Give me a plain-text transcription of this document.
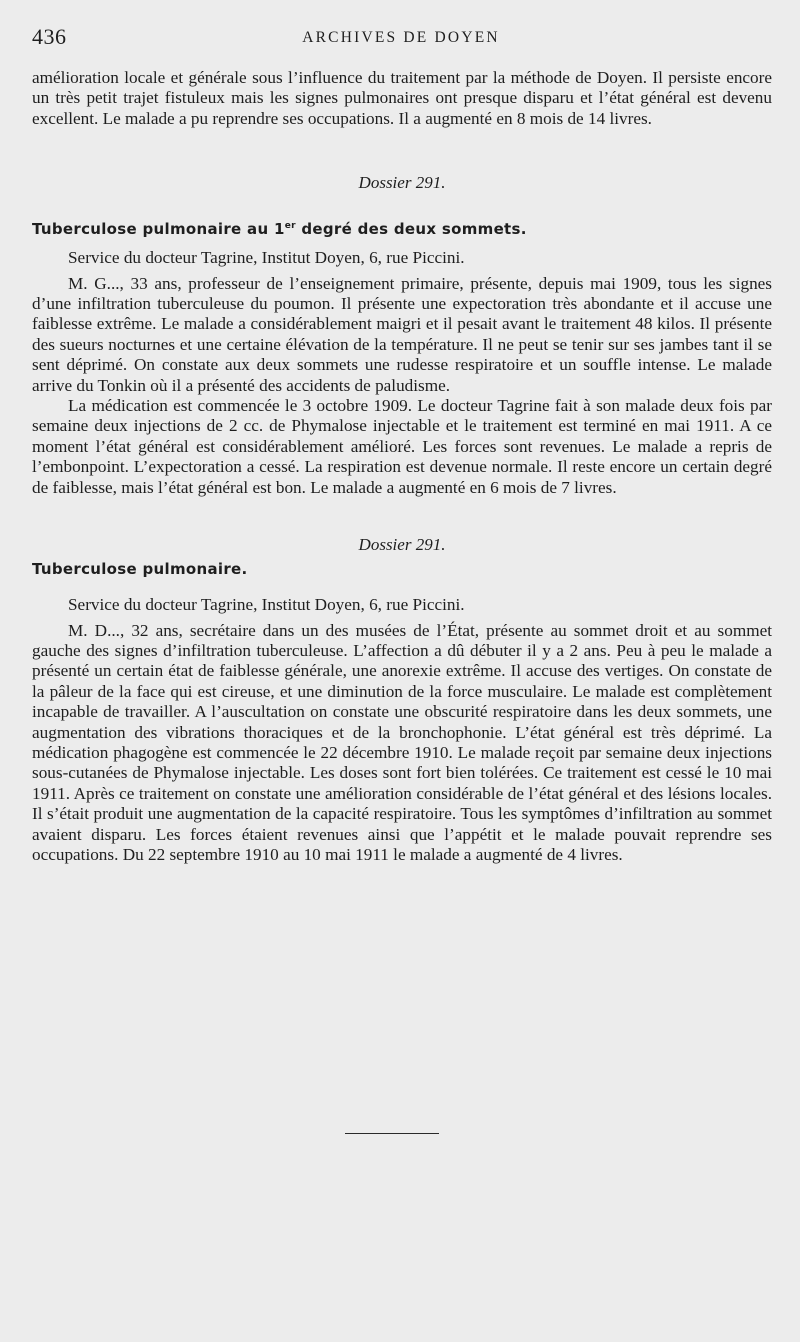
436	ARCHIVES DE DOYEN

amélioration locale et générale sous l’influence du traitement par la méthode de Doyen. Il persiste encore un très petit trajet fistuleux mais les signes pulmonaires ont presque disparu et l’état général est devenu excellent. Le malade a pu reprendre ses occupations. Il a augmenté en 8 mois de 14 livres.

Dossier 291.
Tuberculose pulmonaire au 1er degré des deux sommets.

Service du docteur Tagrine, Institut Doyen, 6, rue Piccini.

M. G..., 33 ans, professeur de l’enseignement primaire, présente, depuis mai 1909, tous les signes d’une infiltration tuberculeuse du poumon. Il présente une expectoration très abondante et il accuse une faiblesse extrême. Le malade a considérablement maigri et il pesait avant le traitement 48 kilos. Il présente des sueurs nocturnes et une certaine élévation de la température. Il ne peut se tenir sur ses jambes tant il se sent déprimé. On constate aux deux sommets une rudesse respiratoire et un souffle intense. Le malade arrive du Tonkin où il a présenté des accidents de paludisme.

La médication est commencée le 3 octobre 1909. Le docteur Tagrine fait à son malade deux fois par semaine deux injections de 2 cc. de Phymalose injectable et le traitement est terminé en mai 1911. A ce moment l’état général est considérablement amélioré. Les forces sont revenues. Le malade a repris de l’embonpoint. L’expectoration a cessé. La respiration est devenue normale. Il reste encore un certain degré de faiblesse, mais l’état général est bon. Le malade a augmenté en 6 mois de 7 livres.

Dossier 291.
Tuberculose pulmonaire.

Service du docteur Tagrine, Institut Doyen, 6, rue Piccini.

M. D..., 32 ans, secrétaire dans un des musées de l’État, présente au sommet droit et au sommet gauche des signes d’infiltration tuberculeuse. L’affection a dû débuter il y a 2 ans. Peu à peu le malade a présenté un certain état de faiblesse générale, une anorexie extrême. Il accuse des vertiges. On constate de la pâleur de la face qui est cireuse, et une diminution de la force musculaire. Le malade est complètement incapable de travailler. A l’auscultation on constate une obscurité respiratoire dans les deux sommets, une augmentation des vibrations thoraciques et de la bronchophonie. L’état général est très déprimé. La médication phagogène est commencée le 22 décembre 1910. Le malade reçoit par semaine deux injections sous-cutanées de Phymalose injectable. Les doses sont fort bien tolérées. Ce traitement est cessé le 10 mai 1911. Après ce traitement on constate une amélioration considérable de l’état général et des lésions locales. Il s’était produit une augmentation de la capacité respiratoire. Tous les symptômes d’infiltration au sommet avaient disparu. Les forces étaient revenues ainsi que l’appétit et le malade pouvait reprendre ses occupations. Du 22 septembre 1910 au 10 mai 1911 le malade a augmenté de 4 livres.
